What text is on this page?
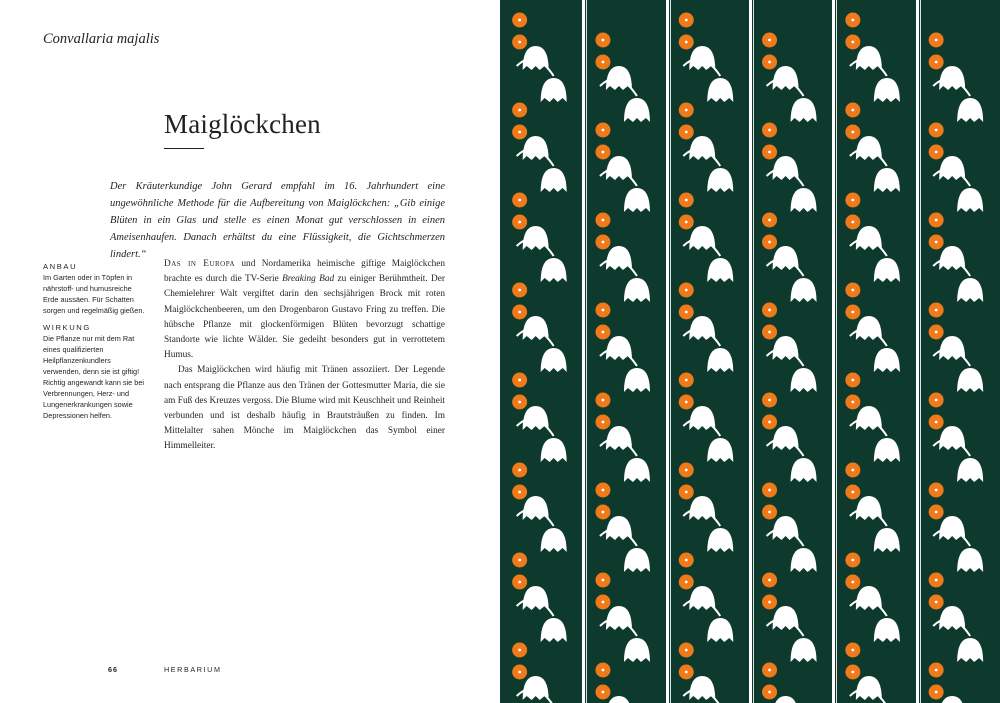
Convallaria majalis
Maiglöckchen

Der Kräuterkundige John Gerard empfahl im 16. Jahrhundert eine ungewöhnliche Methode für die Aufbereitung von Maiglöckchen: „Gib einige Blüten in ein Glas und stelle es einen Monat gut verschlossen in einen Ameisenhaufen. Danach erhältst du eine Flüssigkeit, die Gichtschmerzen lindert.“

ANBAU

Im Garten oder in Töpfen in nährstoff- und humusreiche Erde aussäen. Für Schatten sorgen und regelmäßig gießen.

WIRKUNG

Die Pflanze nur mit dem Rat eines qualifizierten Heilpflanzenkundlers verwenden, denn sie ist giftig! Richtig angewandt kann sie bei Verbrennungen, Herz- und Lungenerkrankungen sowie Depressionen helfen.

Das in Europa und Nordamerika heimische giftige Maiglöckchen brachte es durch die TV-Serie Breaking Bad zu einiger Berühmtheit. Der Chemielehrer Walt vergiftet darin den sechsjährigen Brock mit roten Maiglöckchenbeeren, um den Drogenbaron Gustavo Fring zu treffen. Die hübsche Pflanze mit glockenförmigen Blüten bevorzugt schattige Standorte wie lichte Wälder. Sie gedeiht besonders gut in verrottetem Humus.

Das Maiglöckchen wird häufig mit Tränen assoziiert. Der Legende nach entsprang die Pflanze aus den Tränen der Gottesmutter Maria, die sie am Fuß des Kreuzes vergoss. Die Blume wird mit Keuschheit und Reinheit verbunden und ist deshalb häufig in Brautsträußen zu finden. Im Mittelalter sahen Mönche im Maiglöckchen das Symbol einer Himmelleiter.

66	HERBARIUM
